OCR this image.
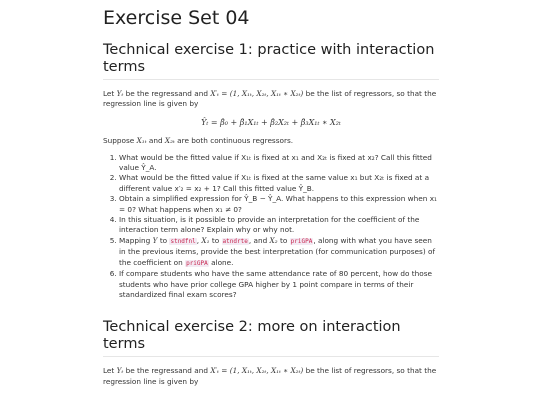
Exercise Set 04
Technical exercise 1: practice with interaction terms

Let Yₜ be the regressand and X′ₜ = (1, X₁ₜ, X₂ₜ, X₁ₜ ∗ X₂ₜ) be the list of regressors, so that the regression line is given by

Ŷₜ = β̂₀ + β̂₁X₁ₜ + β̂₂X₂ₜ + β̂₃X₁ₜ ∗ X₂ₜ

Suppose X₁ₜ and X₂ₜ are both continuous regressors.

1. What would be the fitted value if X₁ₜ is fixed at x₁ and X₂ₜ is fixed at x₂? Call this fitted value Ŷ_A.
2. What would be the fitted value if X₁ₜ is fixed at the same value x₁ but X₂ₜ is fixed at a different value x′₂ = x₂ + 1? Call this fitted value Ŷ_B.
3. Obtain a simplified expression for Ŷ_B − Ŷ_A. What happens to this expression when x₁ = 0? What happens when x₁ ≠ 0?
4. In this situation, is it possible to provide an interpretation for the coefficient of the interaction term alone? Explain why or why not.
5. Mapping Y to stndfnl, X₁ to atndrte, and X₂ to priGPA, along with what you have seen in the previous items, provide the best interpretation (for communication purposes) of the coefficient on priGPA alone.
6. If compare students who have the same attendance rate of 80 percent, how do those students who have prior college GPA higher by 1 point compare in terms of their standardized final exam scores?
Technical exercise 2: more on interaction terms

Let Yₜ be the regressand and X′ₜ = (1, X₁ₜ, X₂ₜ, X₁ₜ ∗ X₂ₜ) be the list of regressors, so that the regression line is given by
